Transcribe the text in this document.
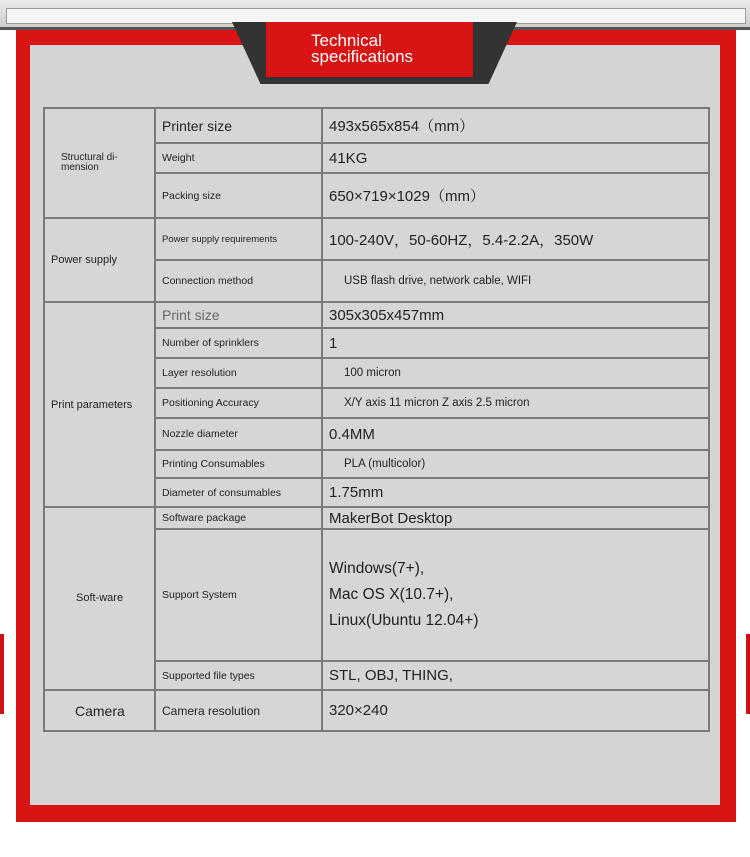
Technical
specifications
Structural di-mension	Printer size	493x565x854（mm）
	Weight	41KG
	Packing size	650×719×1029（mm）
Power supply	Power supply requirements	100-240V，50-60HZ，5.4-2.2A，350W
	Connection method	USB flash drive, network cable, WIFI
Print parameters	Print size	305x305x457mm
	Number of sprinklers	1
	Layer resolution	100 micron
	Positioning Accuracy	X/Y axis 11 micron Z axis 2.5 micron
	Nozzle diameter	0.4MM
	Printing Consumables	PLA (multicolor)
	Diameter of consumables	1.75mm
Soft-ware	Software package	MakerBot Desktop
	Support System	Windows(7+),
Mac OS X(10.7+),
Linux(Ubuntu 12.04+)

	Supported file types	STL, OBJ, THING,
Camera	Camera resolution	320×240
